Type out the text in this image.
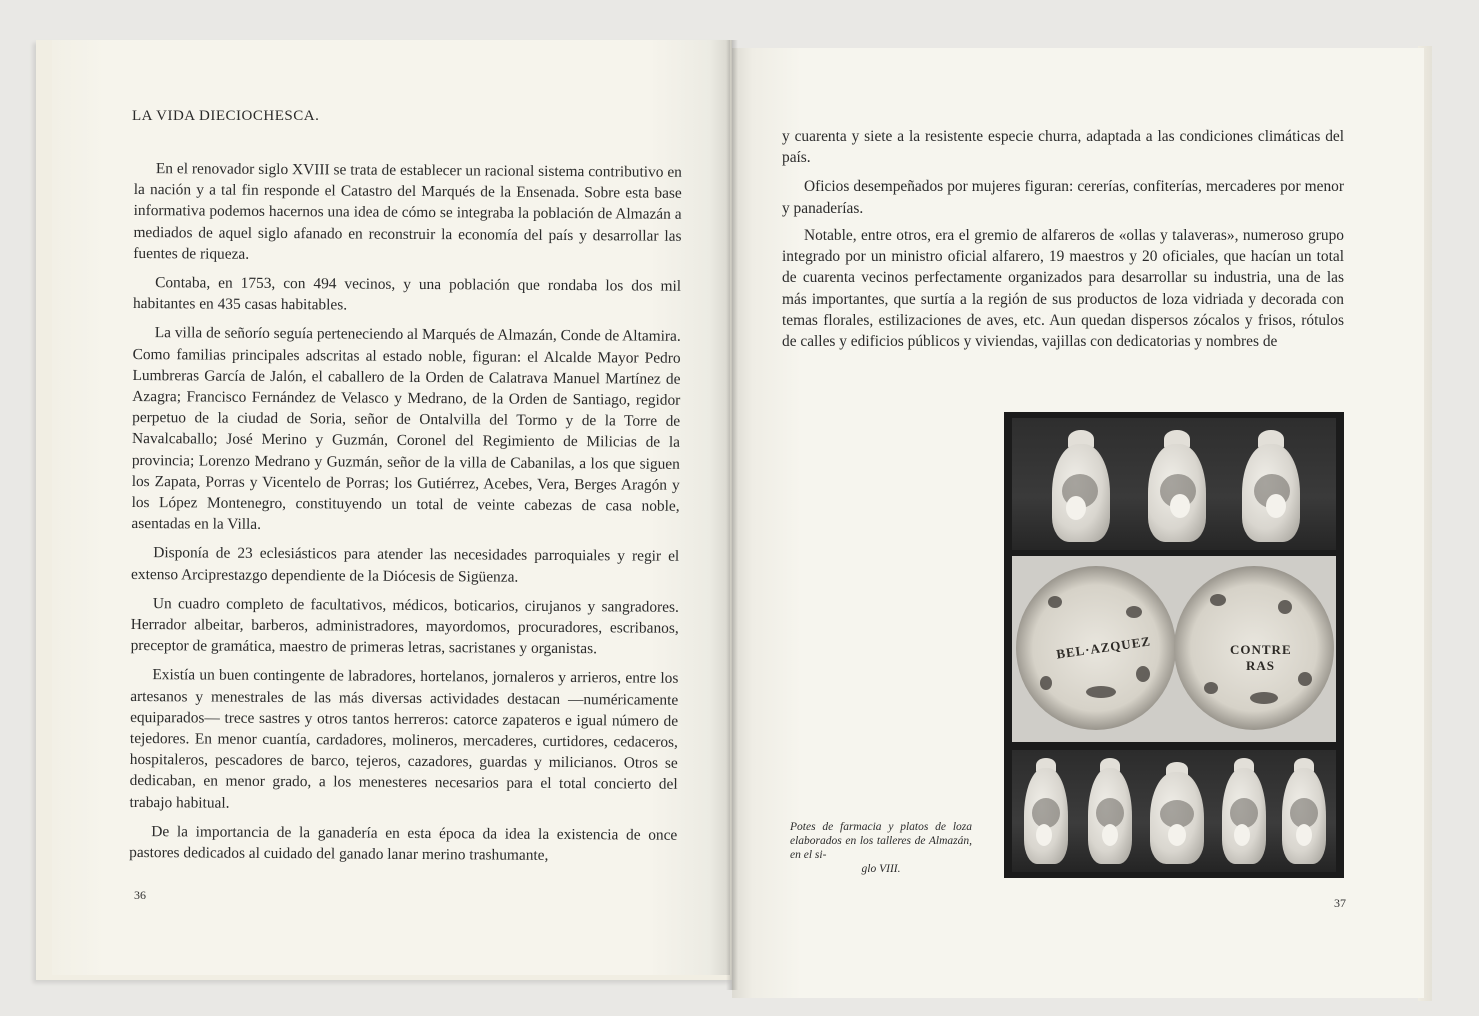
LA VIDA DIECIOCHESCA.

En el renovador siglo XVIII se trata de establecer un racional sistema contributivo en la nación y a tal fin responde el Catastro del Marqués de la Ensenada. Sobre esta base informativa podemos hacernos una idea de cómo se integraba la población de Almazán a mediados de aquel siglo afanado en reconstruir la economía del país y desarrollar las fuentes de riqueza.

Contaba, en 1753, con 494 vecinos, y una población que rondaba los dos mil habitantes en 435 casas habitables.

La villa de señorío seguía perteneciendo al Marqués de Almazán, Conde de Altamira. Como familias principales adscritas al estado noble, figuran: el Alcalde Mayor Pedro Lumbreras García de Jalón, el caballero de la Orden de Calatrava Manuel Martínez de Azagra; Francisco Fernández de Velasco y Medrano, de la Orden de Santiago, regidor perpetuo de la ciudad de Soria, señor de Ontalvilla del Tormo y de la Torre de Navalcaballo; José Merino y Guzmán, Coronel del Regimiento de Milicias de la provincia; Lorenzo Medrano y Guzmán, señor de la villa de Cabanilas, a los que siguen los Zapata, Porras y Vicentelo de Porras; los Gutiérrez, Acebes, Vera, Berges Aragón y los López Montenegro, constituyendo un total de veinte cabezas de casa noble, asentadas en la Villa.

Disponía de 23 eclesiásticos para atender las necesidades parroquiales y regir el extenso Arciprestazgo dependiente de la Diócesis de Sigüenza.

Un cuadro completo de facultativos, médicos, boticarios, cirujanos y sangradores. Herrador albeitar, barberos, administradores, mayordomos, procuradores, escribanos, preceptor de gramática, maestro de primeras letras, sacristanes y organistas.

Existía un buen contingente de labradores, hortelanos, jornaleros y arrieros, entre los artesanos y menestrales de las más diversas actividades destacan —numéricamente equiparados— trece sastres y otros tantos herreros: catorce zapateros e igual número de tejedores. En menor cuantía, cardadores, molineros, mercaderes, curtidores, cedaceros, hospitaleros, pescadores de barco, tejeros, cazadores, guardas y milicianos. Otros se dedicaban, en menor grado, a los menesteres necesarios para el total concierto del trabajo habitual.

De la importancia de la ganadería en esta época da idea la existencia de once pastores dedicados al cuidado del ganado lanar merino trashumante,

36

y cuarenta y siete a la resistente especie churra, adaptada a las condiciones climáticas del país.

Oficios desempeñados por mujeres figuran: cererías, confiterías, mercaderes por menor y panaderías.

Notable, entre otros, era el gremio de alfareros de «ollas y talaveras», numeroso grupo integrado por un ministro oficial alfarero, 19 maestros y 20 oficiales, que hacían un total de cuarenta vecinos perfectamente organizados para desarrollar su industria, una de las más importantes, que surtía a la región de sus productos de loza vidriada y decorada con temas florales, estilizaciones de aves, etc. Aun quedan dispersos zócalos y frisos, rótulos de calles y edificios públicos y viviendas, vajillas con dedicatorias y nombres de

BEL·AZQUEZ	CONTRE
RAS
Potes de farmacia y platos de loza elaborados en los talleres de Almazán, en el si-
glo VIII.
37
